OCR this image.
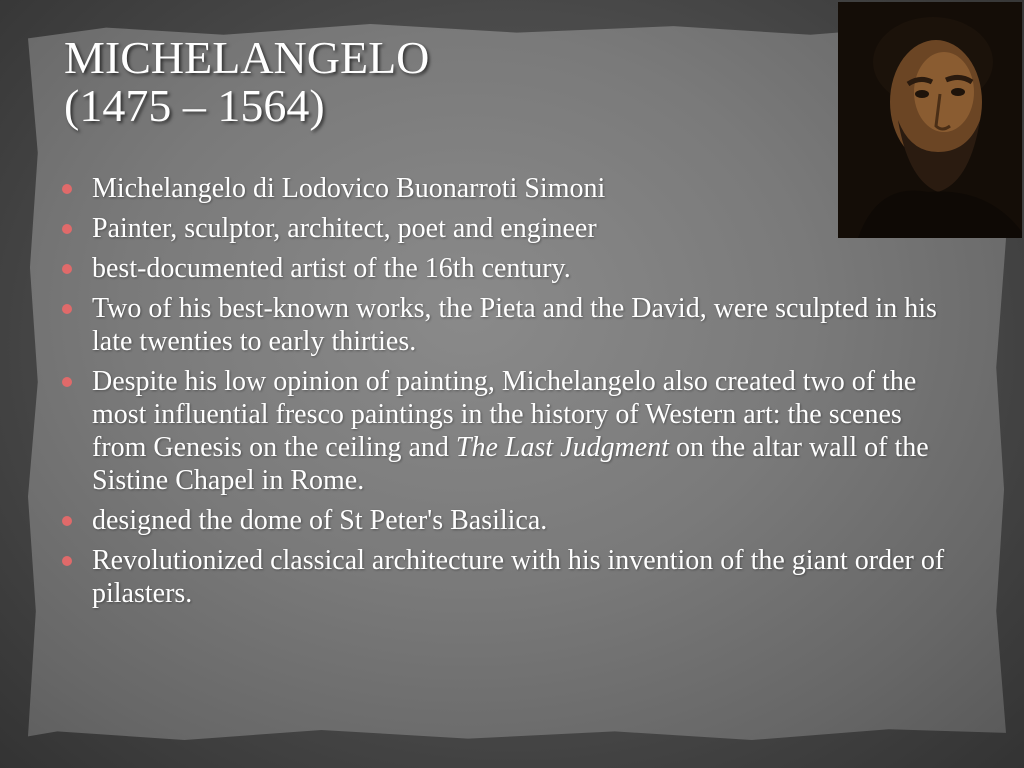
MICHELANGELO
(1475 – 1564)
Michelangelo di Lodovico Buonarroti Simoni
Painter, sculptor, architect, poet and engineer
best-documented artist of the 16th century.
Two of his best-known works, the Pieta and the David, were sculpted in his late twenties to early thirties.
Despite his low opinion of painting, Michelangelo also created two of the most influential fresco paintings in the history of Western art: the scenes from Genesis on the ceiling and The Last Judgment on the altar wall of the Sistine Chapel in Rome.
designed the dome of St Peter's Basilica.
Revolutionized classical architecture with his invention of the giant order of pilasters.
